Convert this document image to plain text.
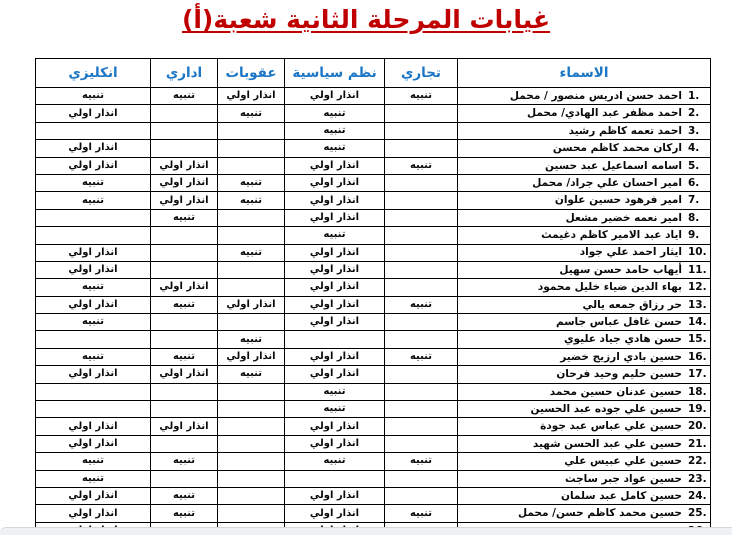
غيابات المرحلة الثانية شعبة(أ)
الاسماء	تجاري	نظم سياسية	عقوبات	اداري	انكليزي
1.احمد حسن ادريس منصور / محمل	تنبيه	انذار اولي	انذار اولي	تنبيه	تنبيه
2.احمد مظفر عبد الهادي/ محمل		تنبيه	تنبيه		انذار اولي
3.احمد تعمه كاظم رشيد		تنبيه			
4.اركان محمد كاظم محسن		تنبيه			انذار اولي
5.اسامه اسماعيل عبد حسين	تنبيه	انذار اولي		انذار اولي	انذار اولي
6.امير احسان علي جراد/ محمل		انذار اولي	تنبيه	انذار اولي	تنبيه
7.امير فرهود حسين علوان		انذار اولي	تنبيه	انذار اولي	تنبيه
8.امير نعمه خضير مشعل		انذار اولي		تنبيه	
9.اياد عبد الامير كاظم دغيمث		تنبيه			
10.ايثار احمد علي جواد		انذار اولي	تنبيه		انذار اولي
11.أيهاب حامد حسن سهيل		انذار اولي			انذار اولي
12.بهاء الدين ضياء خليل محمود		انذار اولي		انذار اولي	تنبيه
13.حر رزاق جمعه يالي	تنبيه	انذار اولي	انذار اولي	تنبيه	انذار اولي
14.حسن غافل عباس جاسم		انذار اولي			تنبيه
15.حسن هادي جياد عليوي			تنبيه		
16.حسين بادي ارزيج خضير	تنبيه	انذار اولي	انذار اولي	تنبيه	تنبيه
17.حسين حليم وحيد فرحان		انذار اولي	تنبيه	انذار اولي	انذار اولي
18.حسين عدنان حسين محمد		تنبيه			
19.حسين علي جوده عبد الحسين		تنبيه			
20.حسين علي عباس عبد جودة		انذار اولي		انذار اولي	انذار اولي
21.حسين علي عبد الحسن شهيد		انذار اولي			انذار اولي
22.حسين علي عبيس علي	تنبيه	تنبيه		تنبيه	تنبيه
23.حسين عواد جبر ساجت					تنبيه
24.حسين كامل عبد سلمان		انذار اولي		تنبيه	انذار اولي
25.حسين محمد كاظم حسن/ محمل	تنبيه	انذار اولي		تنبيه	انذار اولي
